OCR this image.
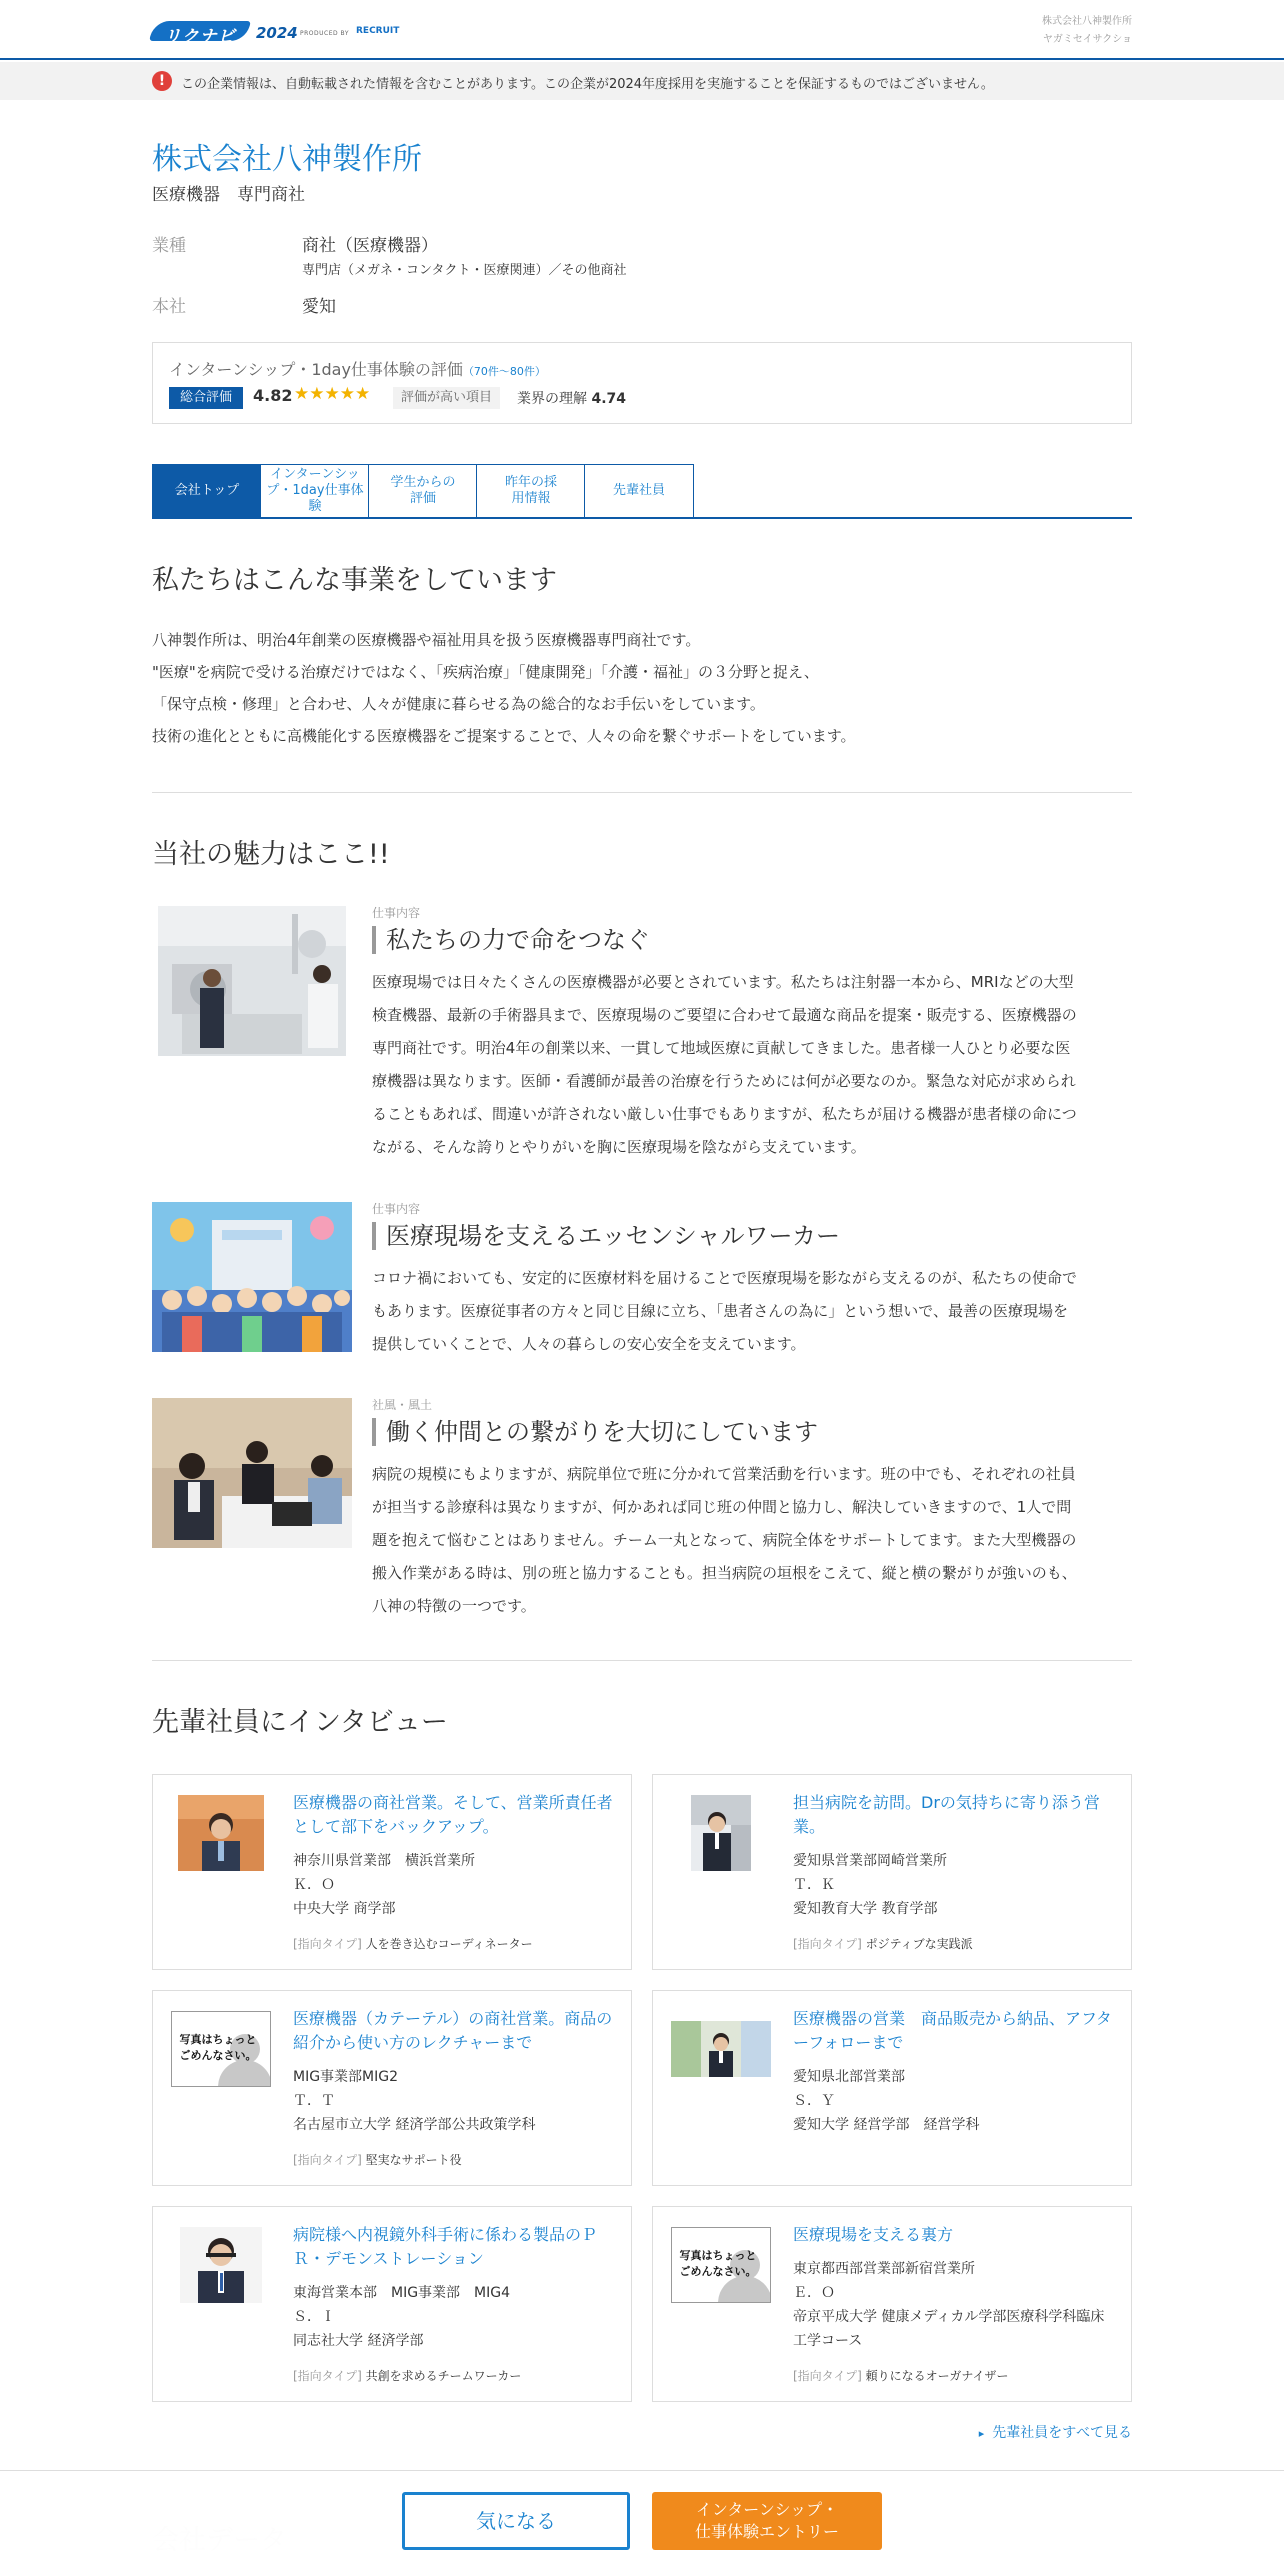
リクナビ 2024 PRODUCED BY RECRUIT
株式会社八神製作所
ヤガミセイサクショ
!	この企業情報は、自動転載された情報を含むことがあります。この企業が2024年度採用を実施することを保証するものではございません。
株式会社八神製作所
医療機器　専門商社
業種	商社（医療機器）
専門店（メガネ・コンタクト・医療関連）／その他商社
本社	愛知
インターンシップ・1day仕事体験の評価（70件～80件）
総合評価	4.82 ★★★★★	評価が高い項目	業界の理解 4.74
会社トップ
インターンシップ・1day仕事体験
学生からの評価
昨年の採用情報
先輩社員
私たちはこんな事業をしています
八神製作所は、明治4年創業の医療機器や福祉用具を扱う医療機器専門商社です。
"医療"を病院で受ける治療だけではなく、「疾病治療」「健康開発」「介護・福祉」の３分野と捉え、
「保守点検・修理」と合わせ、人々が健康に暮らせる為の総合的なお手伝いをしています。
技術の進化とともに高機能化する医療機器をご提案することで、人々の命を繋ぐサポートをしています。
当社の魅力はここ!!
仕事内容
私たちの力で命をつなぐ
医療現場では日々たくさんの医療機器が必要とされています。私たちは注射器一本から、MRIなどの大型
検査機器、最新の手術器具まで、医療現場のご要望に合わせて最適な商品を提案・販売する、医療機器の
専門商社です。明治4年の創業以来、一貫して地域医療に貢献してきました。患者様一人ひとり必要な医
療機器は異なります。医師・看護師が最善の治療を行うためには何が必要なのか。緊急な対応が求められ
ることもあれば、間違いが許されない厳しい仕事でもありますが、私たちが届ける機器が患者様の命につ
ながる、そんな誇りとやりがいを胸に医療現場を陰ながら支えています。
仕事内容
医療現場を支えるエッセンシャルワーカー
コロナ禍においても、安定的に医療材料を届けることで医療現場を影ながら支えるのが、私たちの使命で
もあります。医療従事者の方々と同じ目線に立ち、「患者さんの為に」という想いで、最善の医療現場を
提供していくことで、人々の暮らしの安心安全を支えています。
社風・風土
働く仲間との繋がりを大切にしています
病院の規模にもよりますが、病院単位で班に分かれて営業活動を行います。班の中でも、それぞれの社員
が担当する診療科は異なりますが、何かあれば同じ班の仲間と協力し、解決していきますので、1人で問
題を抱えて悩むことはありません。チーム一丸となって、病院全体をサポートしてます。また大型機器の
搬入作業がある時は、別の班と協力することも。担当病院の垣根をこえて、縦と横の繋がりが強いのも、
八神の特徴の一つです。
先輩社員にインタビュー
医療機器の商社営業。そして、営業所責任者として部下をバックアップ。
神奈川県営業部　横浜営業所
Ｋ．Ｏ
中央大学 商学部
[指向タイプ] 人を巻き込むコーディネーター
担当病院を訪問。Drの気持ちに寄り添う営業。
愛知県営業部岡崎営業所
Ｔ．Ｋ
愛知教育大学 教育学部
[指向タイプ] ポジティブな実践派
写真はちょっと
ごめんなさい。
医療機器（カテーテル）の商社営業。商品の紹介から使い方のレクチャーまで
MIG事業部MIG2
Ｔ．Ｔ
名古屋市立大学 経済学部公共政策学科
[指向タイプ] 堅実なサポート役
医療機器の営業　商品販売から納品、アフターフォローまで
愛知県北部営業部
Ｓ．Ｙ
愛知大学 経営学部　経営学科
病院様へ内視鏡外科手術に係わる製品のＰＲ・デモンストレーション
東海営業本部　MIG事業部　MIG4
Ｓ．Ｉ
同志社大学 経済学部
[指向タイプ] 共創を求めるチームワーカー
写真はちょっと
ごめんなさい。
医療現場を支える裏方
東京都西部営業部新宿営業所
Ｅ．Ｏ
帝京平成大学 健康メディカル学部医療科学科臨床
工学コース
[指向タイプ] 頼りになるオーガナイザー
▸ 先輩社員をすべて見る
気になる	インターンシップ・
仕事体験エントリー
